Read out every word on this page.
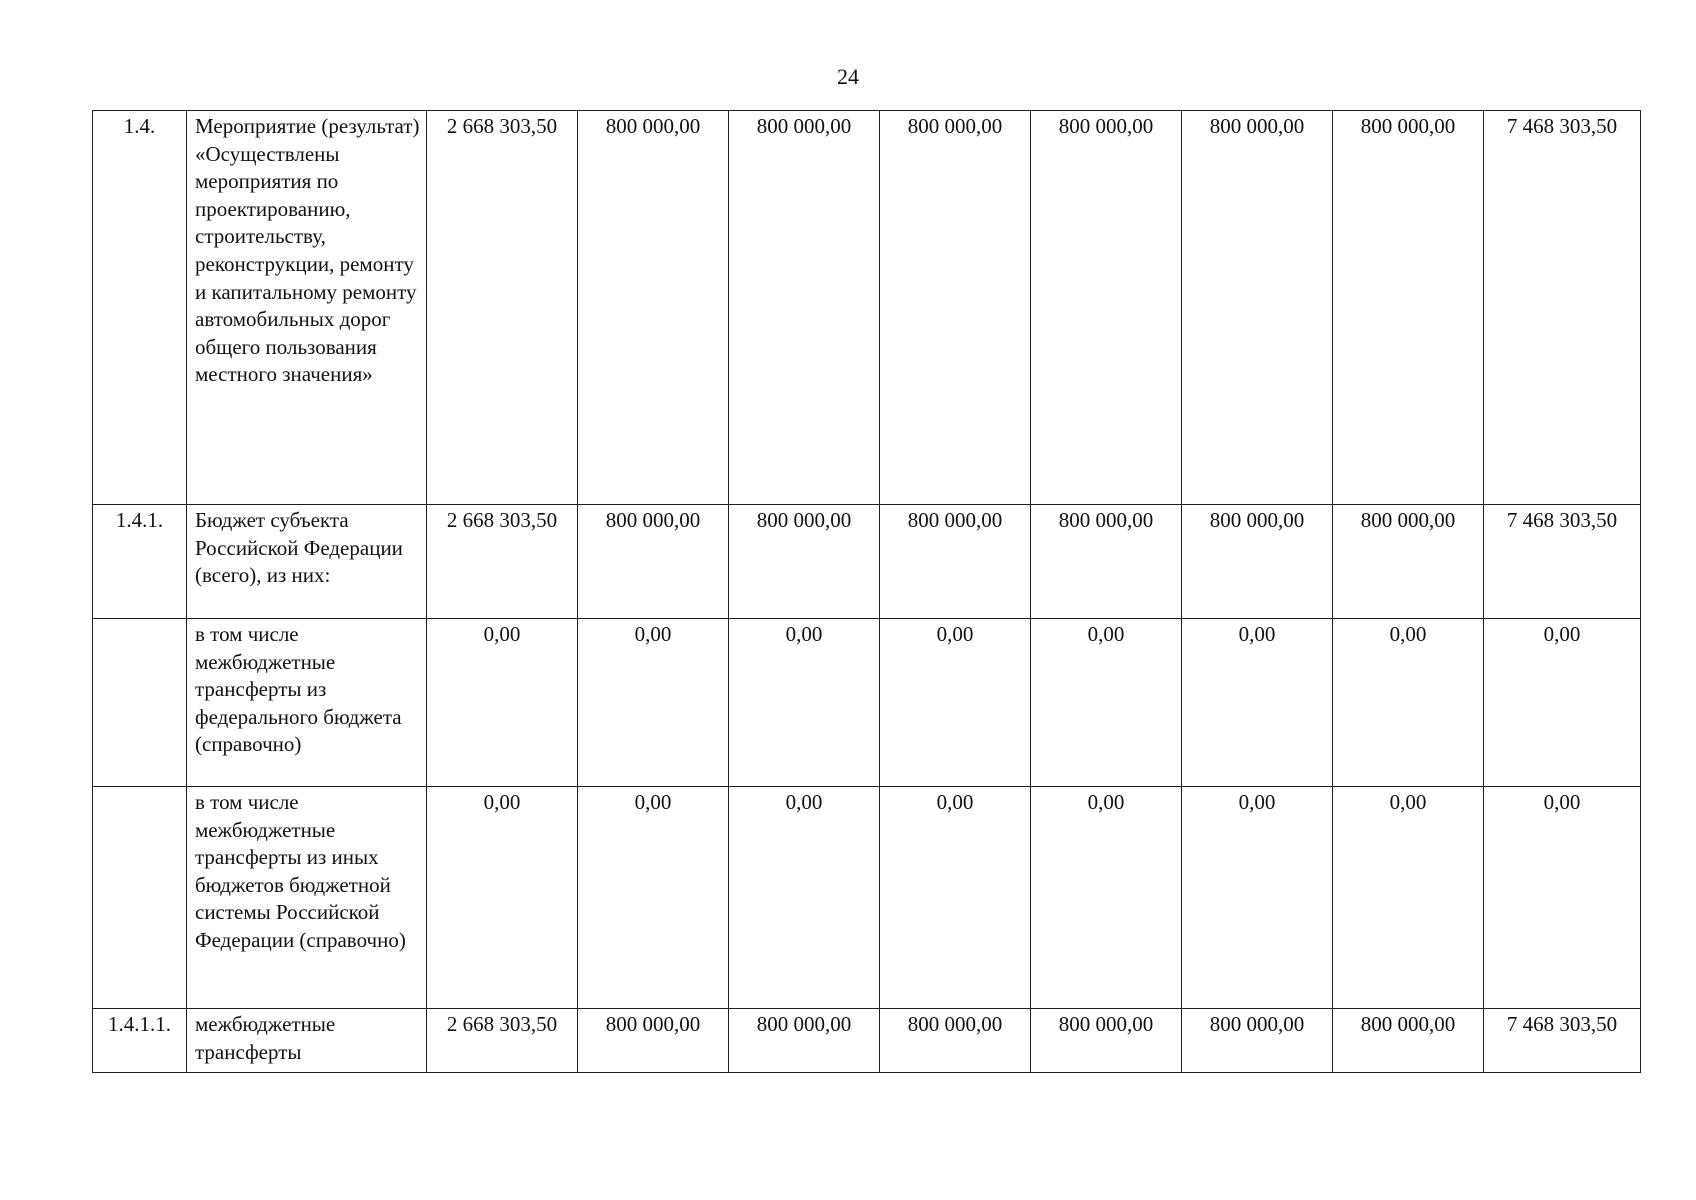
24
1.4.	Мероприятие (результат) «Осуществлены мероприятия по проектированию, строительству, реконструкции, ремонту и капитальному ремонту автомобильных дорог общего пользования местного значения»	2 668 303,50	800 000,00	800 000,00	800 000,00	800 000,00	800 000,00	800 000,00	7 468 303,50
1.4.1.	Бюджет субъекта Российской Федерации (всего), из них:	2 668 303,50	800 000,00	800 000,00	800 000,00	800 000,00	800 000,00	800 000,00	7 468 303,50
	в том числе межбюджетные трансферты из федерального бюджета (справочно)	0,00	0,00	0,00	0,00	0,00	0,00	0,00	0,00
	в том числе межбюджетные трансферты из иных бюджетов бюджетной системы Российской Федерации (справочно)	0,00	0,00	0,00	0,00	0,00	0,00	0,00	0,00
1.4.1.1.	межбюджетные трансферты	2 668 303,50	800 000,00	800 000,00	800 000,00	800 000,00	800 000,00	800 000,00	7 468 303,50
